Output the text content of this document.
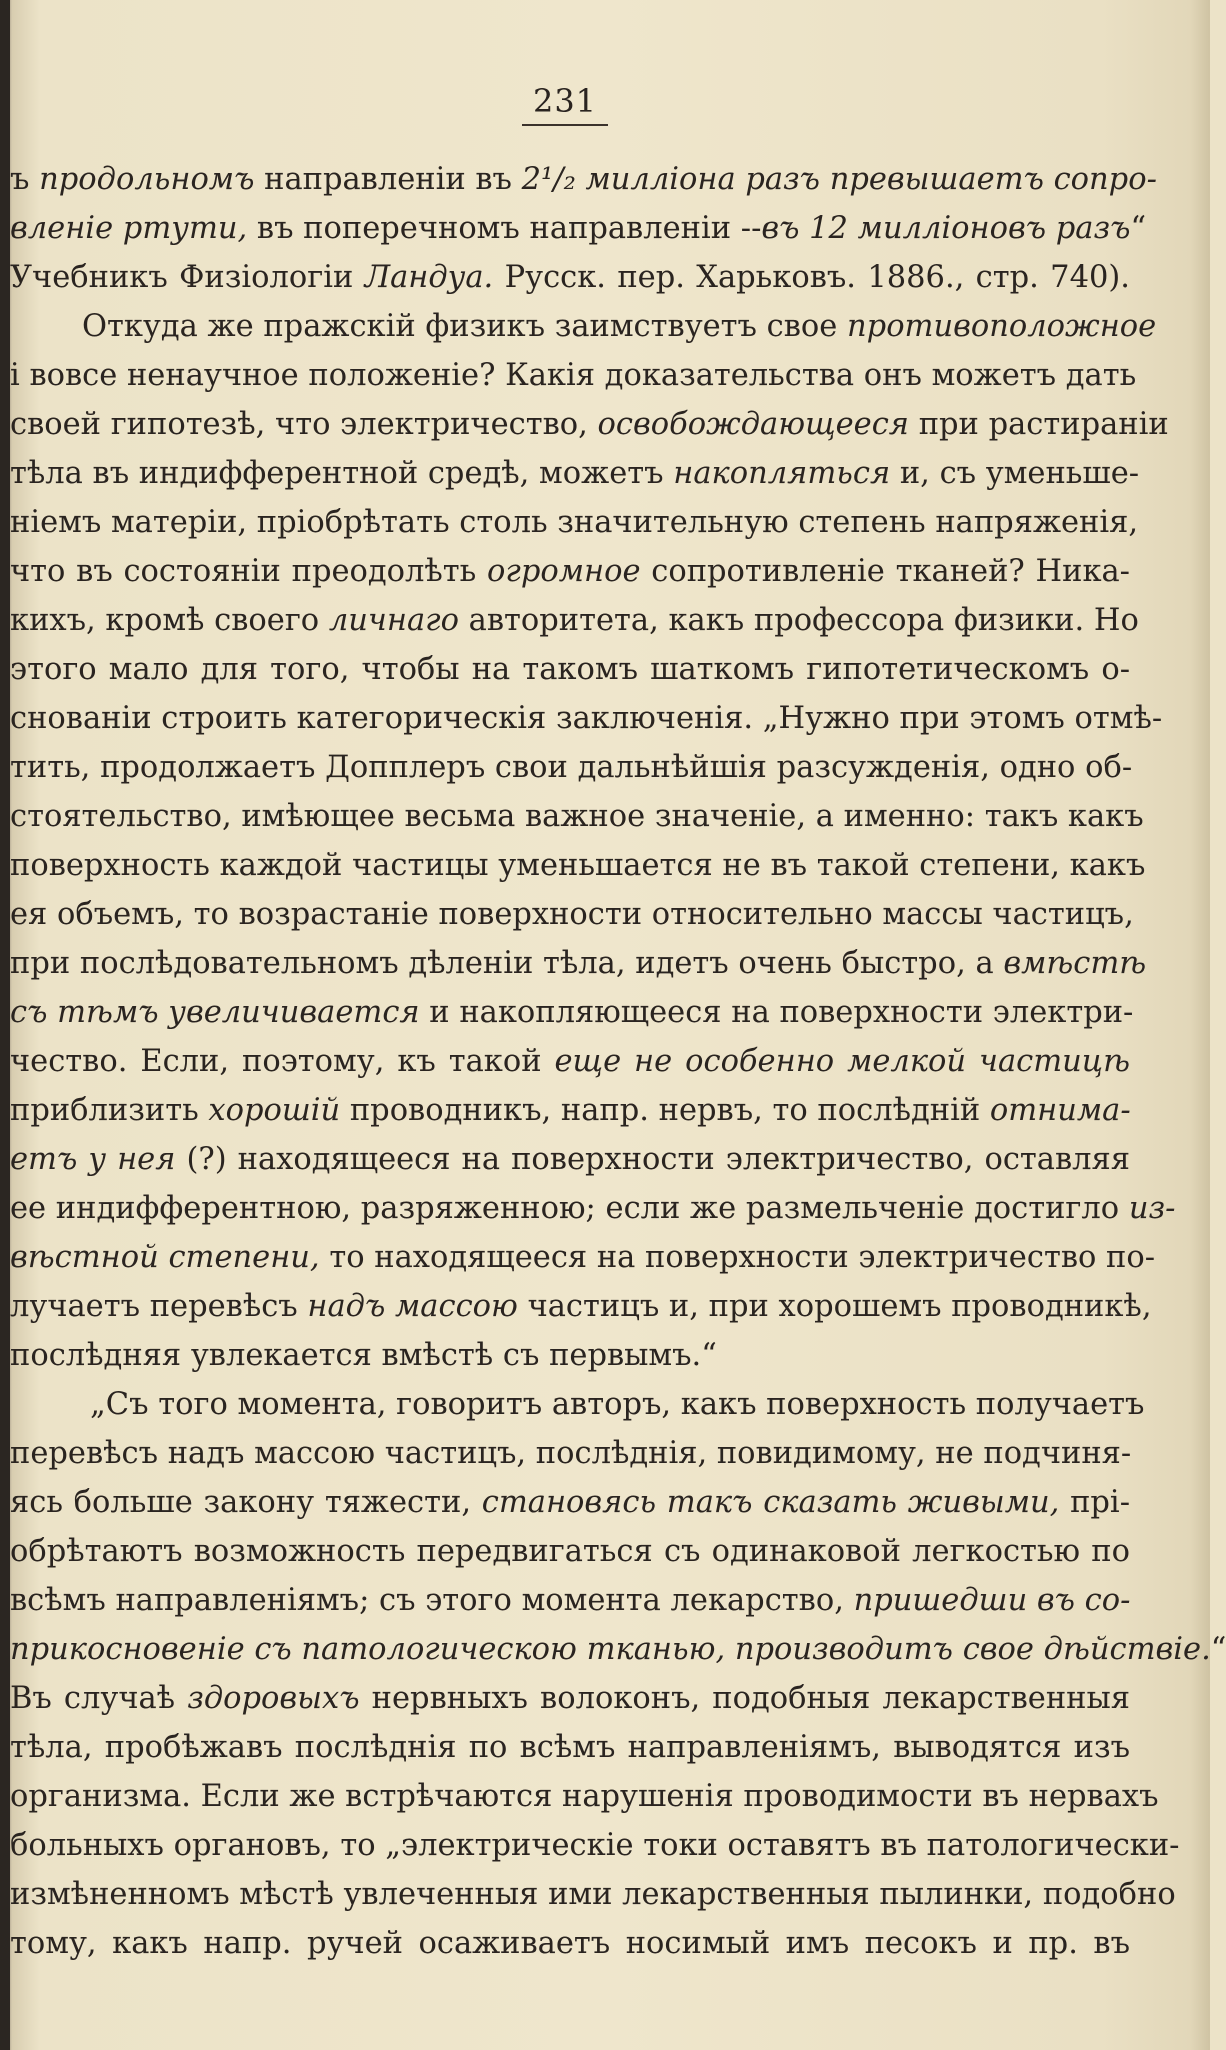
231
ъ продольномъ направленіи въ 2¹/₂ милліона разъ превышаетъ сопро-
вленіе ртути, въ поперечномъ направленіи --въ 12 милліоновъ разъ“
Учебникъ Физіологіи Ландуа. Русск. пер. Харьковъ. 1886., стр. 740).
Откуда же пражскій физикъ заимствуетъ свое противоположное
і вовсе ненаучное положеніе? Какія доказательства онъ можетъ дать
своей гипотезѣ, что электричество, освобождающееся при растираніи
тѣла въ индифферентной средѣ, можетъ накопляться и, съ уменьше-
ніемъ матеріи, пріобрѣтать столь значительную степень напряженія,
что въ состояніи преодолѣть огромное сопротивленіе тканей? Ника-
кихъ, кромѣ своего личнаго авторитета, какъ профессора физики. Но
этого мало для того, чтобы на такомъ шаткомъ гипотетическомъ о-
снованіи строить категорическія заключенія. „Нужно при этомъ отмѣ-
тить, продолжаетъ Допплеръ свои дальнѣйшія разсужденія, одно об-
стоятельство, имѣющее весьма важное значеніе, а именно: такъ какъ
поверхность каждой частицы уменьшается не въ такой степени, какъ
ея объемъ, то возрастаніе поверхности относительно массы частицъ,
при послѣдовательномъ дѣленіи тѣла, идетъ очень быстро, а вмѣстѣ
съ тѣмъ увеличивается и накопляющееся на поверхности электри-
чество. Если, поэтому, къ такой еще не особенно мелкой частицѣ
приблизить хорошій проводникъ, напр. нервъ, то послѣдній отнима-
етъ у нея (?) находящееся на поверхности электричество, оставляя
ее индифферентною, разряженною; если же размельченіе достигло из-
вѣстной степени, то находящееся на поверхности электричество по-
лучаетъ перевѣсъ надъ массою частицъ и, при хорошемъ проводникѣ,
послѣдняя увлекается вмѣстѣ съ первымъ.“
„Съ того момента, говоритъ авторъ, какъ поверхность получаетъ
перевѣсъ надъ массою частицъ, послѣднія, повидимому, не подчиня-
ясь больше закону тяжести, становясь такъ сказать живыми, прі-
обрѣтаютъ возможность передвигаться съ одинаковой легкостью по
всѣмъ направленіямъ; съ этого момента лекарство, пришедши въ со-
прикосновеніе съ патологическою тканью, производитъ свое дѣйствіе.“
Въ случаѣ здоровыхъ нервныхъ волоконъ, подобныя лекарственныя
тѣла, пробѣжавъ послѣднія по всѣмъ направленіямъ, выводятся изъ
организма. Если же встрѣчаются нарушенія проводимости въ нервахъ
больныхъ органовъ, то „электрическіе токи оставятъ въ патологически-
измѣненномъ мѣстѣ увлеченныя ими лекарственныя пылинки, подобно
тому, какъ напр. ручей осаживаетъ носимый имъ песокъ и пр. въ
